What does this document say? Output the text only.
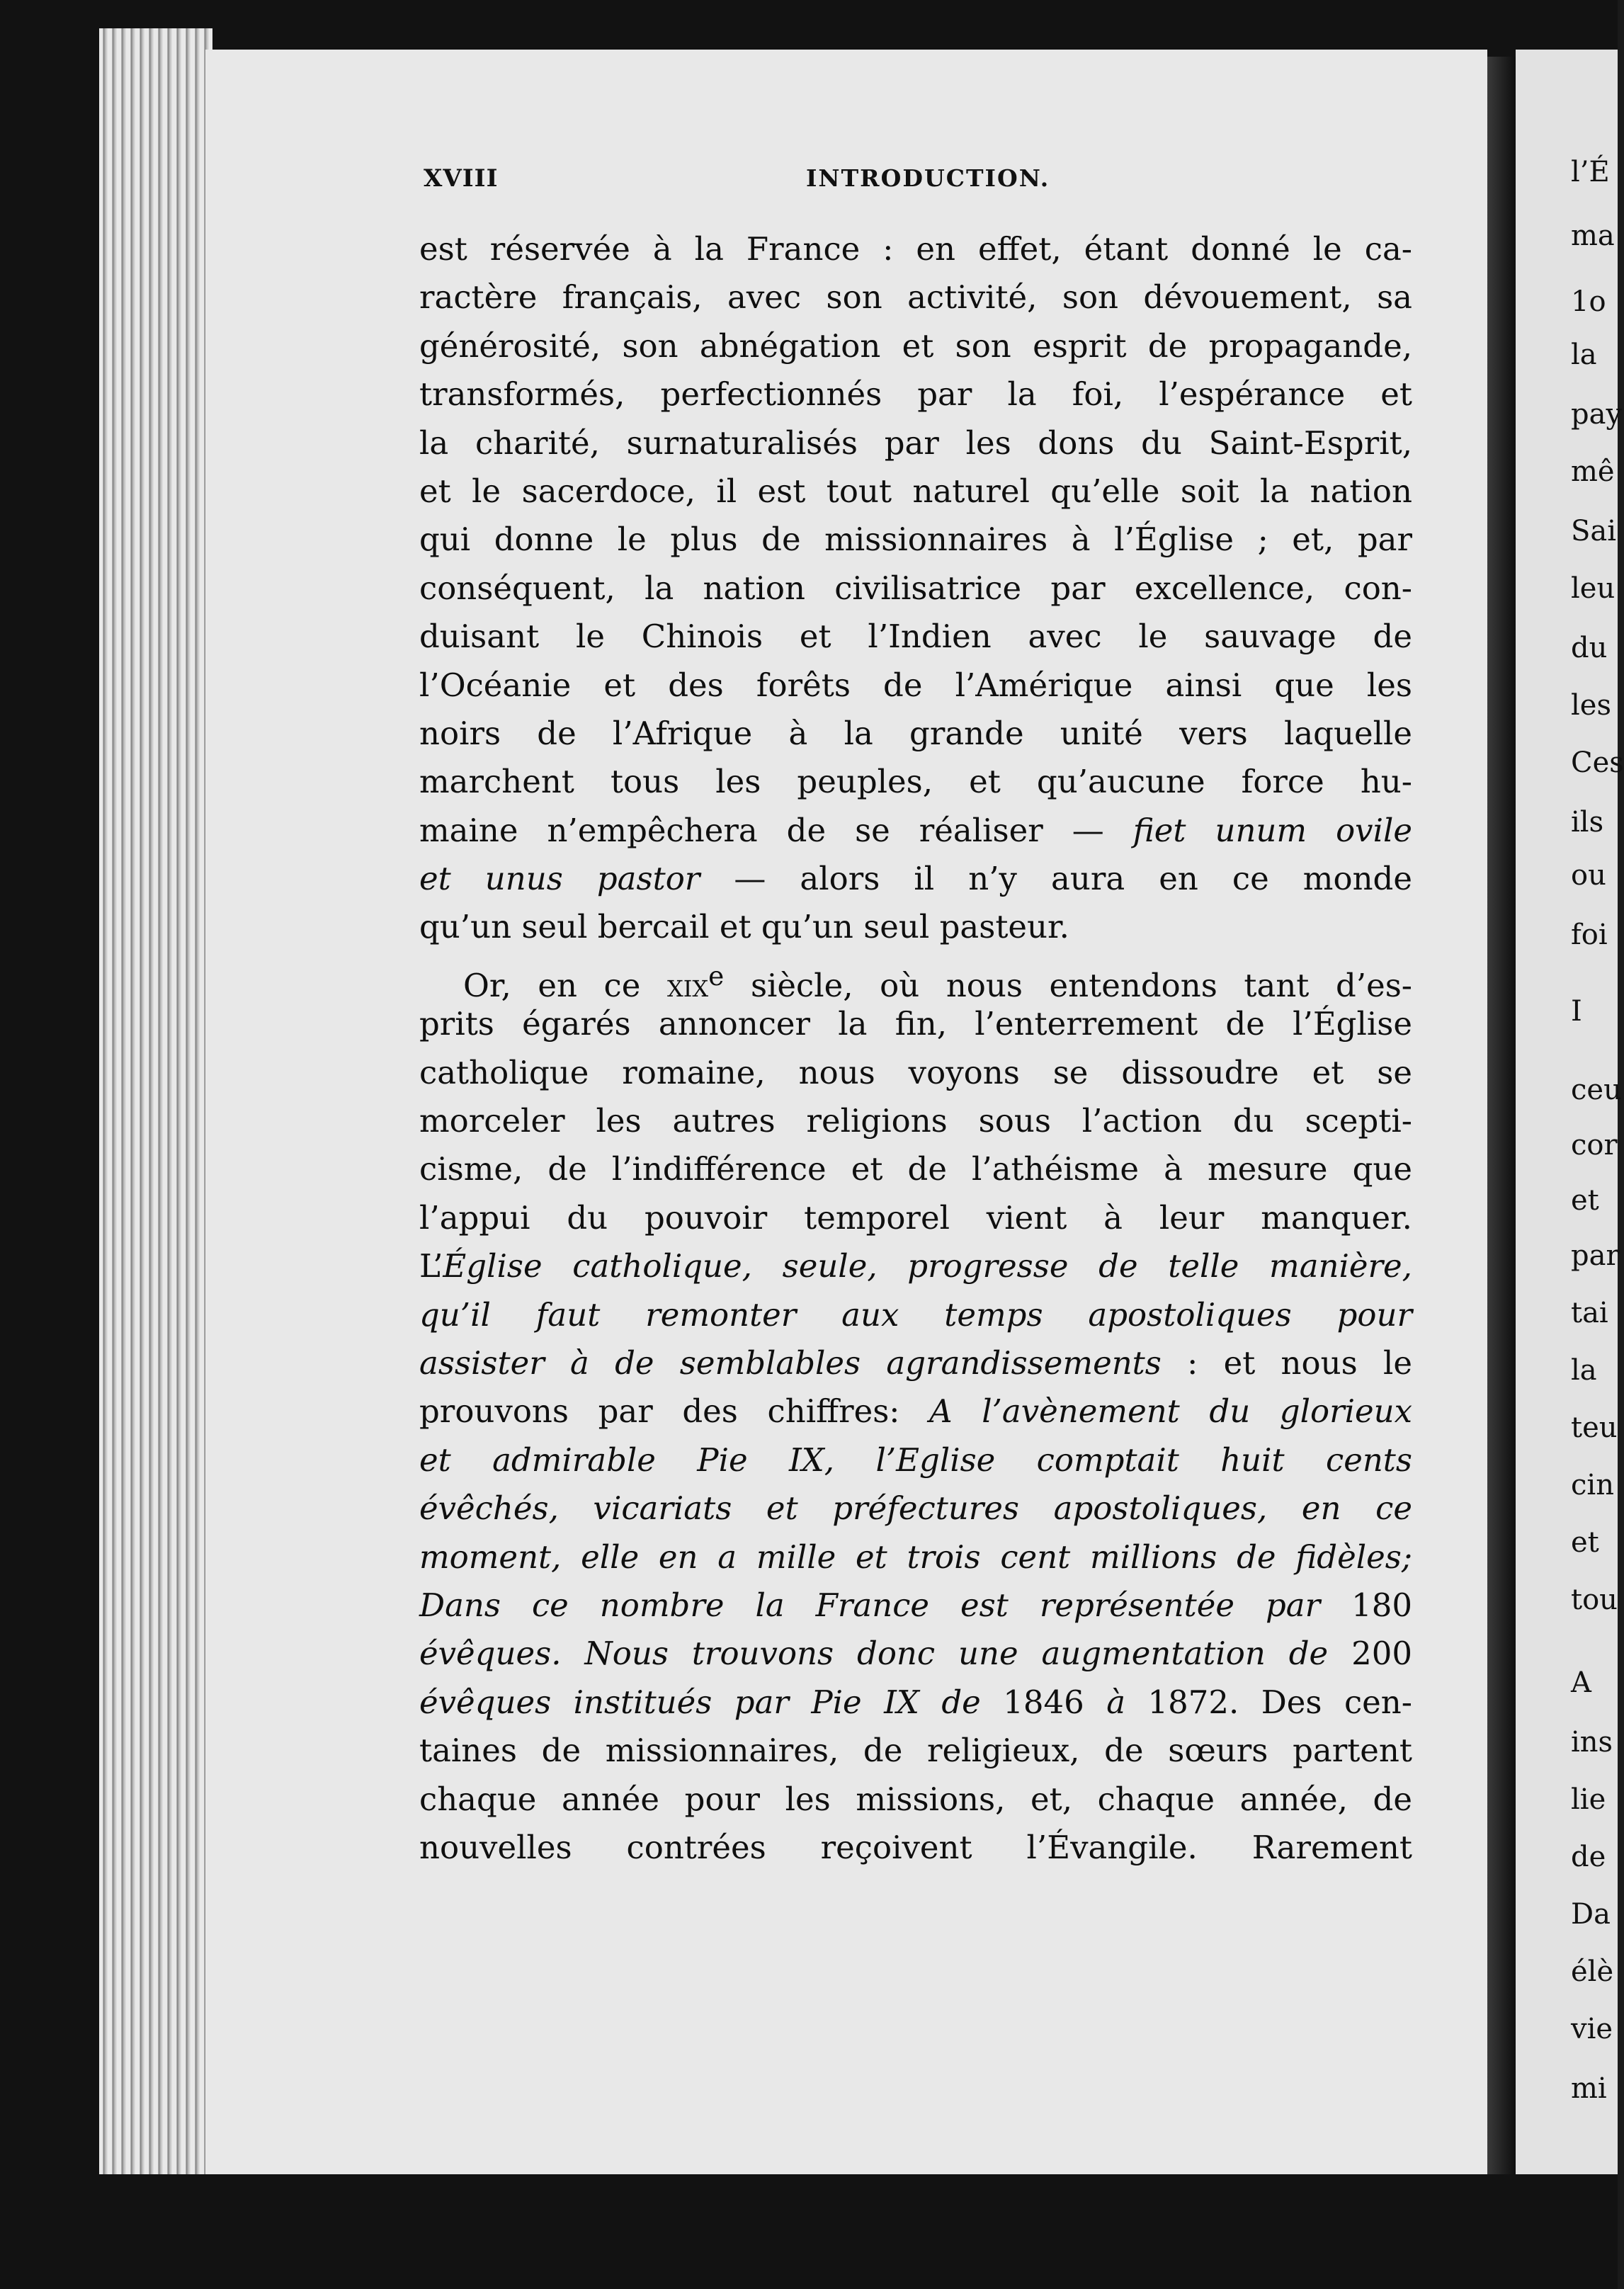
l’É
ma
1o
la
pay
mê
Sai
leu
du
les
Ces
ils
ou
foi
I
ceu
cor
et
par
tai
la
teu
cin
et
tou
A
ins
lie
de
Da
élè
vie
mi
XVIII	INTRODUCTION.
est réservée à la France : en effet, étant donné le ca-
ractère français, avec son activité, son dévouement, sa
générosité, son abnégation et son esprit de propagande,
transformés, perfectionnés par la foi, l’espérance et
la charité, surnaturalisés par les dons du Saint-Esprit,
et le sacerdoce, il est tout naturel qu’elle soit la nation
qui donne le plus de missionnaires à l’Église ; et, par
conséquent, la nation civilisatrice par excellence, con-
duisant le Chinois et l’Indien avec le sauvage de
l’Océanie et des forêts de l’Amérique ainsi que les
noirs de l’Afrique à la grande unité vers laquelle
marchent tous les peuples, et qu’aucune force hu-
maine n’empêchera de se réaliser — fiet unum ovile
et unus pastor — alors il n’y aura en ce monde
qu’un seul bercail et qu’un seul pasteur.
Or, en ce xix$^e$ siècle, où nous entendons tant d’es-
prits égarés annoncer la fin, l’enterrement de l’Église
catholique romaine, nous voyons se dissoudre et se
morceler les autres religions sous l’action du scepti-
cisme, de l’indifférence et de l’athéisme à mesure que
l’appui du pouvoir temporel vient à leur manquer.
L’Église catholique, seule, progresse de telle manière,
qu’il faut remonter aux temps apostoliques pour
assister à de semblables agrandissements : et nous le
prouvons par des chiffres: A l’avènement du glorieux
et admirable Pie IX, l’Eglise comptait huit cents
évêchés, vicariats et préfectures apostoliques, en ce
moment, elle en a mille et trois cent millions de fidèles;
Dans ce nombre la France est représentée par 180
évêques. Nous trouvons donc une augmentation de 200
évêques institués par Pie IX de 1846 à 1872. Des cen-
taines de missionnaires, de religieux, de sœurs partent
chaque année pour les missions, et, chaque année, de
nouvelles contrées reçoivent l’Évangile. Rarement
